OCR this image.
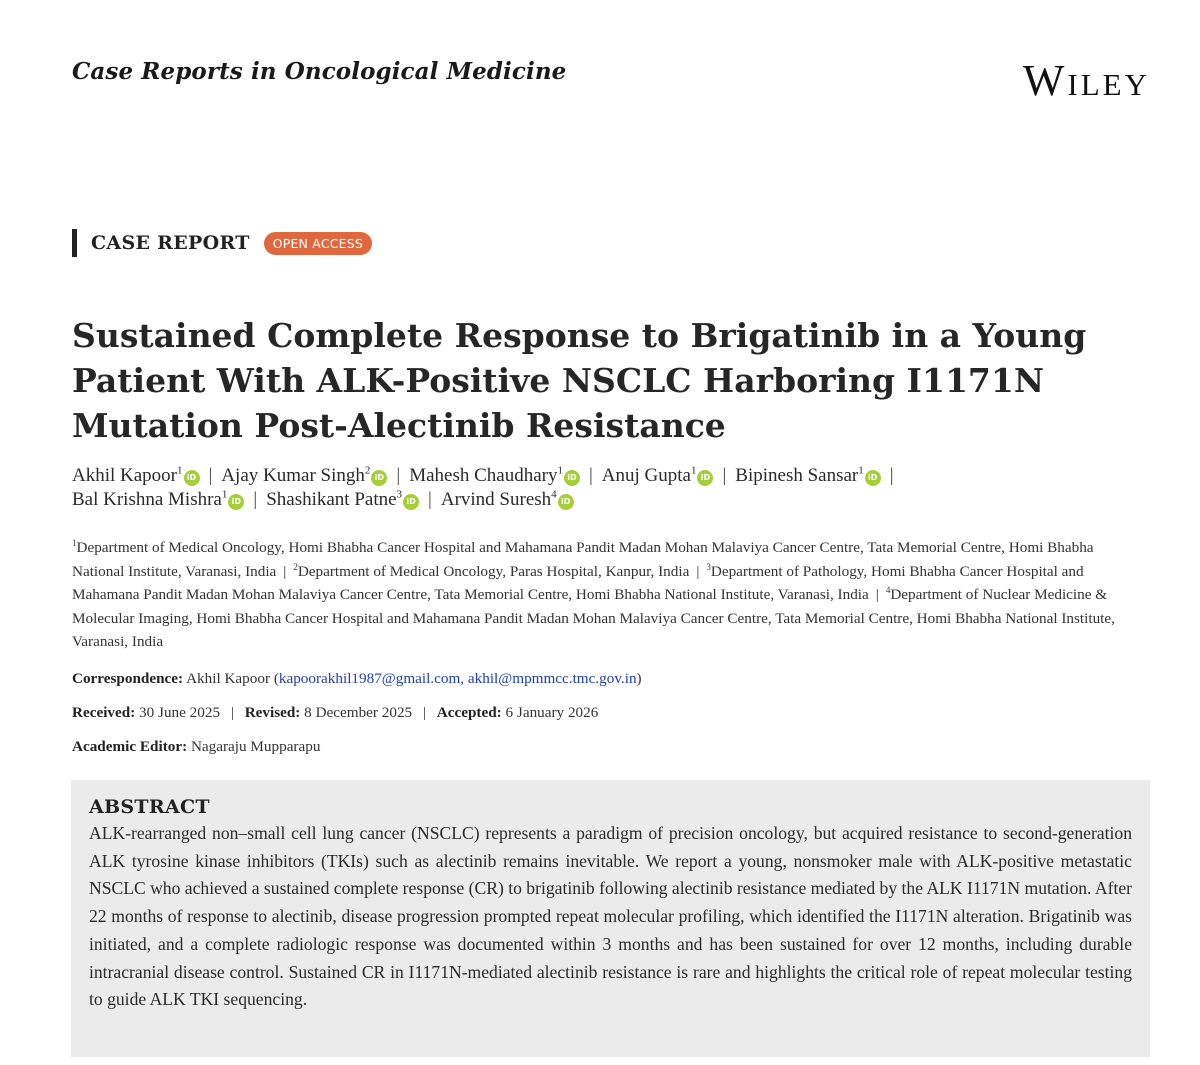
Case Reports in Oncological Medicine	Wiley
CASE REPORT	OPEN ACCESS
Sustained Complete Response to Brigatinib in a Young Patient With ALK-Positive NSCLC Harboring I1171N Mutation Post-Alectinib Resistance
Akhil Kapoor$^1$iD | Ajay Kumar Singh$^2$iD | Mahesh Chaudhary$^1$iD | Anuj Gupta$^1$iD | Bipinesh Sansar$^1$iD |
Bal Krishna Mishra$^1$iD | Shashikant Patne$^3$iD | Arvind Suresh$^4$iD
$^1$Department of Medical Oncology, Homi Bhabha Cancer Hospital and Mahamana Pandit Madan Mohan Malaviya Cancer Centre, Tata Memorial Centre, Homi Bhabha National Institute, Varanasi, India | $^2$Department of Medical Oncology, Paras Hospital, Kanpur, India | $^3$Department of Pathology, Homi Bhabha Cancer Hospital and Mahamana Pandit Madan Mohan Malaviya Cancer Centre, Tata Memorial Centre, Homi Bhabha National Institute, Varanasi, India | $^4$Department of Nuclear Medicine & Molecular Imaging, Homi Bhabha Cancer Hospital and Mahamana Pandit Madan Mohan Malaviya Cancer Centre, Tata Memorial Centre, Homi Bhabha National Institute, Varanasi, India
Correspondence: Akhil Kapoor (kapoorakhil1987@gmail.com, akhil@mpmmcc.tmc.gov.in)
Received: 30 June 2025 | Revised: 8 December 2025 | Accepted: 6 January 2026
Academic Editor: Nagaraju Mupparapu
ABSTRACT

ALK-rearranged non–small cell lung cancer (NSCLC) represents a paradigm of precision oncology, but acquired resistance to second-generation ALK tyrosine kinase inhibitors (TKIs) such as alectinib remains inevitable. We report a young, nonsmoker male with ALK-positive metastatic NSCLC who achieved a sustained complete response (CR) to brigatinib following alectinib resistance mediated by the ALK I1171N mutation. After 22 months of response to alectinib, disease progression prompted repeat molecular profiling, which identified the I1171N alteration. Brigatinib was initiated, and a complete radiologic response was documented within 3 months and has been sustained for over 12 months, including durable intracranial disease control. Sustained CR in I1171N-mediated alectinib resistance is rare and highlights the critical role of repeat molecular testing to guide ALK TKI sequencing.
